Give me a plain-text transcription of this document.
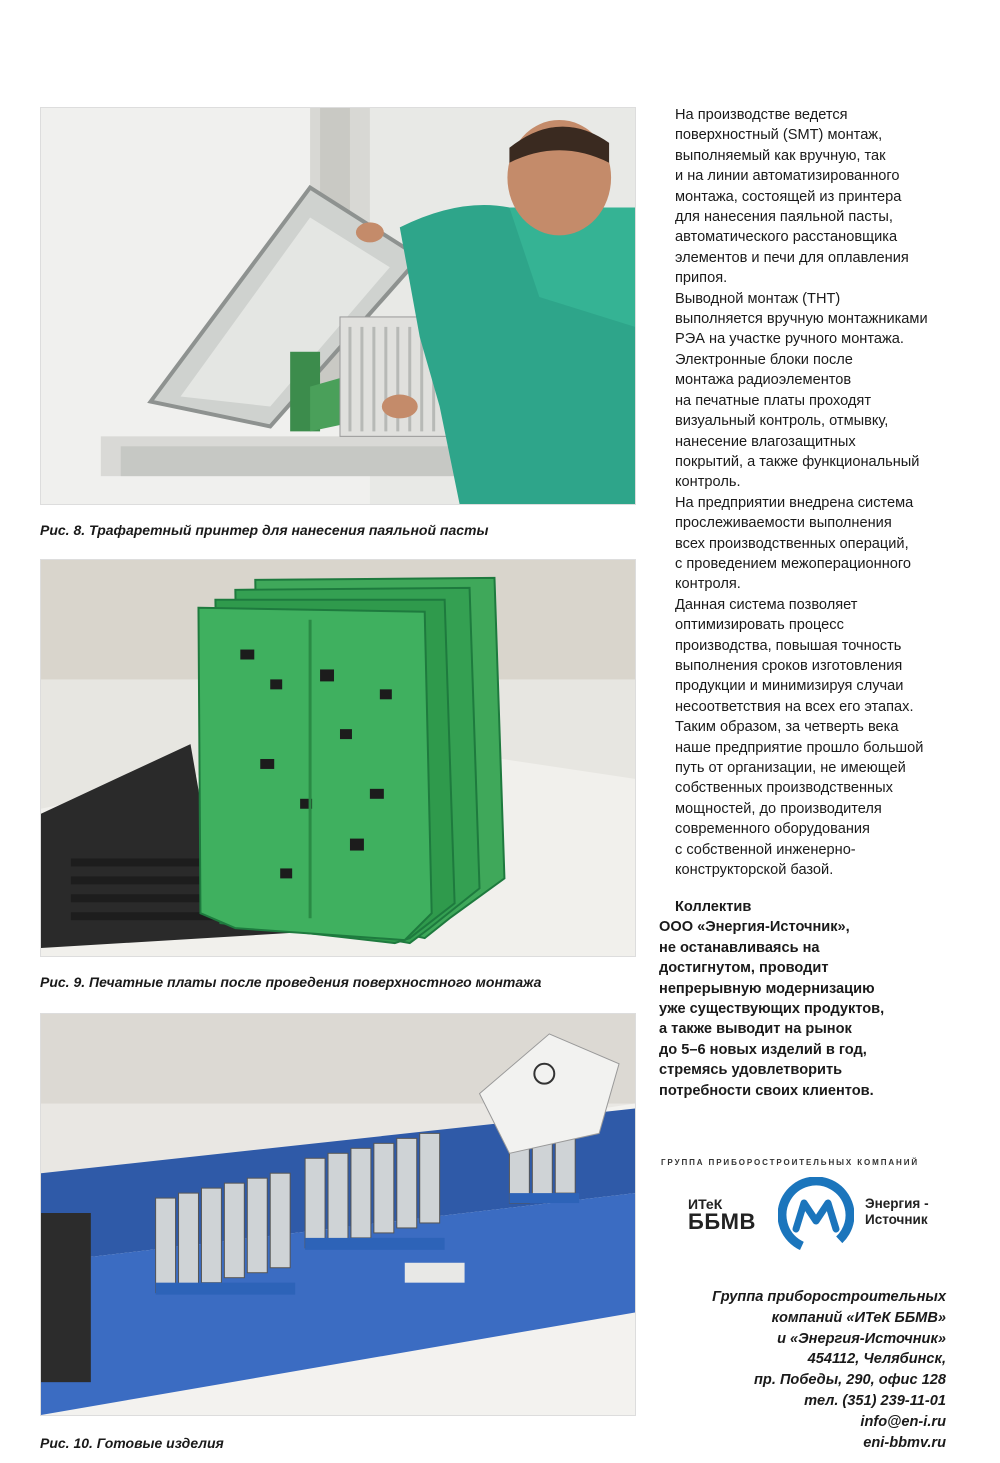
Рис. 8. Трафаретный принтер для нанесения паяльной пасты
Рис. 9. Печатные платы после проведения поверхностного монтажа
Рис. 10. Готовые изделия

На производстве ведется
поверхностный (SMT) монтаж,
выполняемый как вручную, так
и на линии автоматизированного
монтажа, состоящей из принтера
для нанесения паяльной пасты,
автоматического расстановщика
элементов и печи для оплавления
припоя.

Выводной монтаж (ТНТ)
выполняется вручную монтажниками
РЭА на участке ручного монтажа.

Электронные блоки после
монтажа радиоэлементов
на печатные платы проходят
визуальный контроль, отмывку,
нанесение влагозащитных
покрытий, а также функциональный
контроль.

На предприятии внедрена система
прослеживаемости выполнения
всех производственных операций,
с проведением межоперационного
контроля.

Данная система позволяет
оптимизировать процесс
производства, повышая точность
выполнения сроков изготовления
продукции и минимизируя случаи
несоответствия на всех его этапах.

Таким образом, за четверть века
наше предприятие прошло большой
путь от организации, не имеющей
собственных производственных
мощностей, до производителя
современного оборудования
с собственной инженерно-
конструкторской базой.

Коллектив
ООО «Энергия-Источник»,
не останавливаясь на
достигнутом, проводит
непрерывную модернизацию
уже существующих продуктов,
а также выводит на рынок
до 5–6 новых изделий в год,
стремясь удовлетворить
потребности своих клиентов.
ГРУППА ПРИБОРОСТРОИТЕЛЬНЫХ КОМПАНИЙ
ИТеК
ББМВ
Энергия -
Источник
Группа приборостроительных
компаний «ИТеК ББМВ»
и «Энергия-Источник»
454112, Челябинск,
пр. Победы, 290, офис 128
тел. (351) 239-11-01
info@en-i.ru
eni-bbmv.ru
